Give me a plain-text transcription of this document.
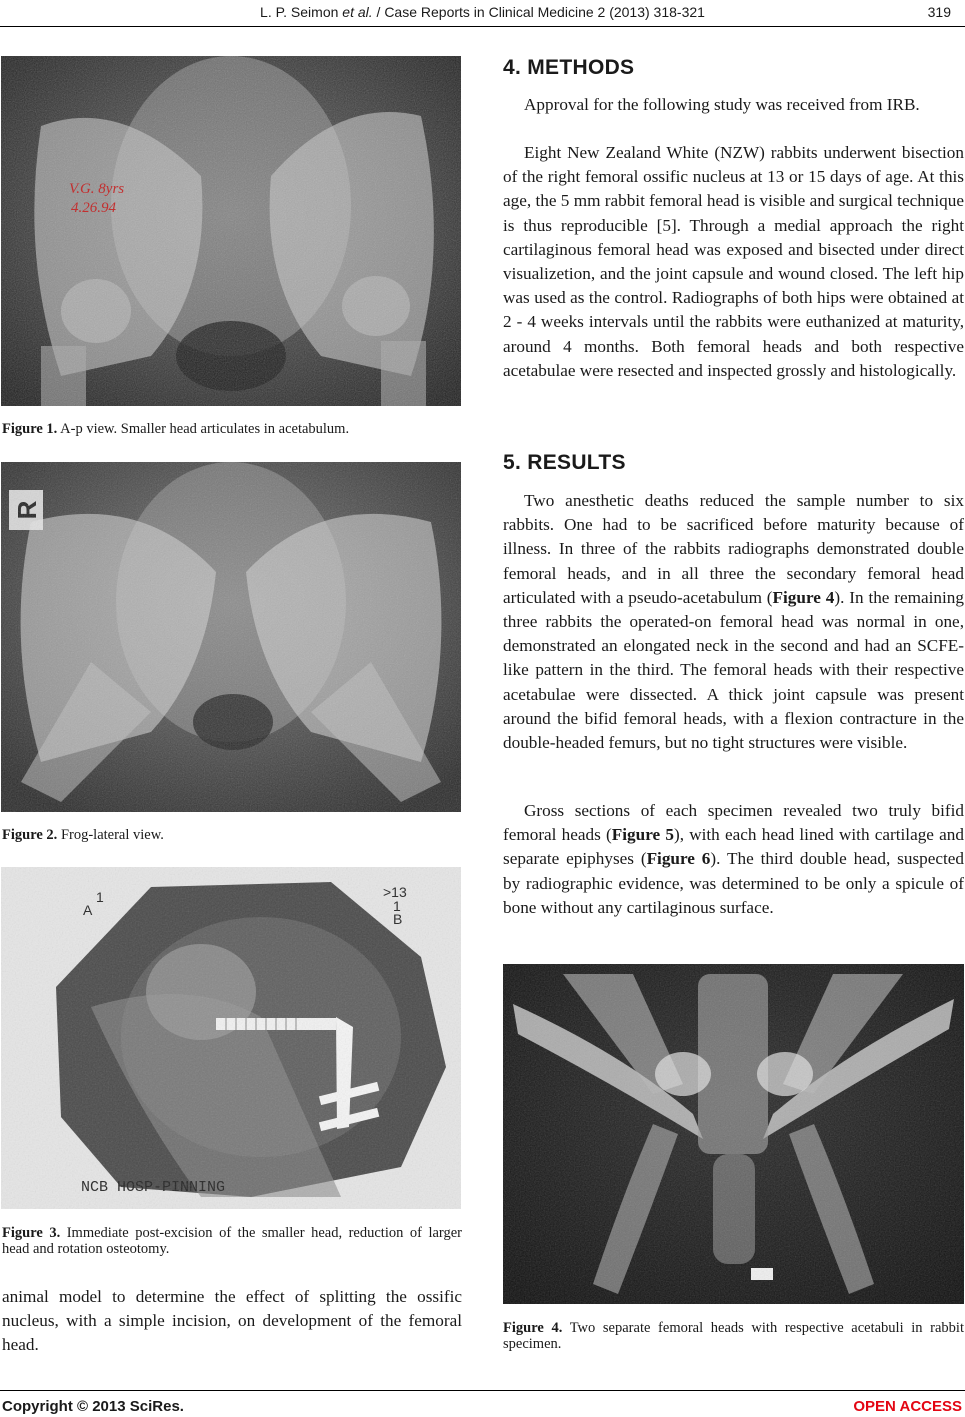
L. P. Seimon et al. / Case Reports in Clinical Medicine 2 (2013) 318-321	319
V.G. 8yrs
4.26.94
Figure 1. A-p view. Smaller head articulates in acetabulum.
Figure 2. Frog-lateral view.
Figure 3. Immediate post-excision of the smaller head, reduction of larger head and rotation osteotomy.

animal model to determine the effect of splitting the ossific nucleus, with a simple incision, on development of the femoral head.

4. METHODS

Approval for the following study was received from IRB.

Eight New Zealand White (NZW) rabbits underwent bisection of the right femoral ossific nucleus at 13 or 15 days of age. At this age, the 5 mm rabbit femoral head is visible and surgical technique is thus reproducible [5]. Through a medial approach the right cartilaginous femoral head was exposed and bisected under direct visualizetion, and the joint capsule and wound closed. The left hip was used as the control. Radiographs of both hips were obtained at 2 - 4 weeks intervals until the rabbits were euthanized at maturity, around 4 months. Both femoral heads and both respective acetabulae were resected and inspected grossly and histologically.

5. RESULTS

Two anesthetic deaths reduced the sample number to six rabbits. One had to be sacrificed before maturity because of illness. In three of the rabbits radiographs demonstrated double femoral heads, and in all three the secondary femoral head articulated with a pseudo-acetabulum (Figure 4). In the remaining three rabbits the operated-on femoral head was normal in one, demonstrated an elongated neck in the second and had an SCFE-like pattern in the third. The femoral heads with their respective acetabulae were dissected. A thick joint capsule was present around the bifid femoral heads, with a flexion contracture in the double-headed femurs, but no tight structures were visible.

Gross sections of each specimen revealed two truly bifid femoral heads (Figure 5), with each head lined with cartilage and separate epiphyses (Figure 6). The third double head, suspected by radiographic evidence, was determined to be only a spicule of bone without any cartilaginous surface.

Figure 4. Two separate femoral heads with respective acetabuli in rabbit specimen.
Copyright © 2013 SciRes.	OPEN ACCESS
